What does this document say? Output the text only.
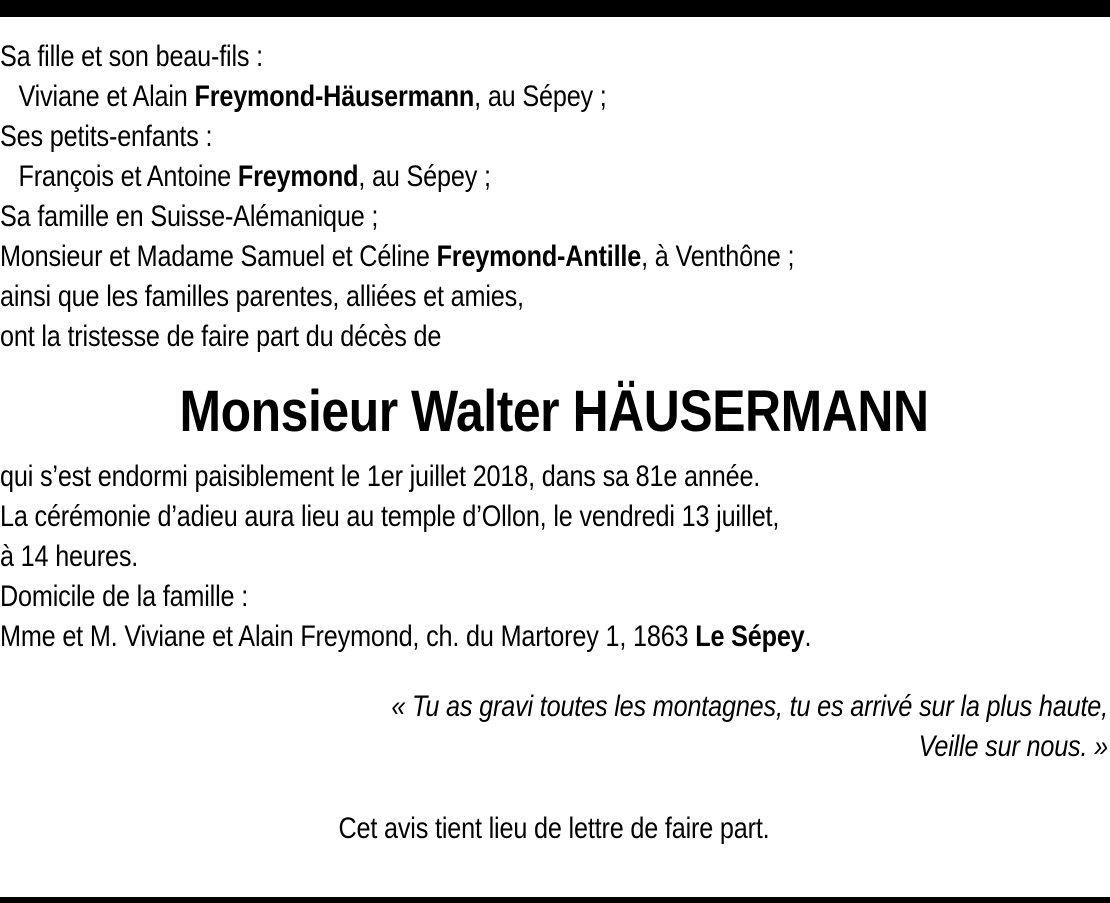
Sa fille et son beau-fils :
Viviane et Alain Freymond-Häusermann, au Sépey ;
Ses petits-enfants :
François et Antoine Freymond, au Sépey ;
Sa famille en Suisse-Alémanique ;
Monsieur et Madame Samuel et Céline Freymond-Antille, à Venthône ;
ainsi que les familles parentes, alliées et amies,
ont la tristesse de faire part du décès de
Monsieur Walter HÄUSERMANN
qui s’est endormi paisiblement le 1er juillet 2018, dans sa 81e année.
La cérémonie d’adieu aura lieu au temple d’Ollon, le vendredi 13 juillet,
à 14 heures.
Domicile de la famille :
Mme et M. Viviane et Alain Freymond, ch. du Martorey 1, 1863 Le Sépey.
« Tu as gravi toutes les montagnes, tu es arrivé sur la plus haute,
Veille sur nous. »
Cet avis tient lieu de lettre de faire part.
